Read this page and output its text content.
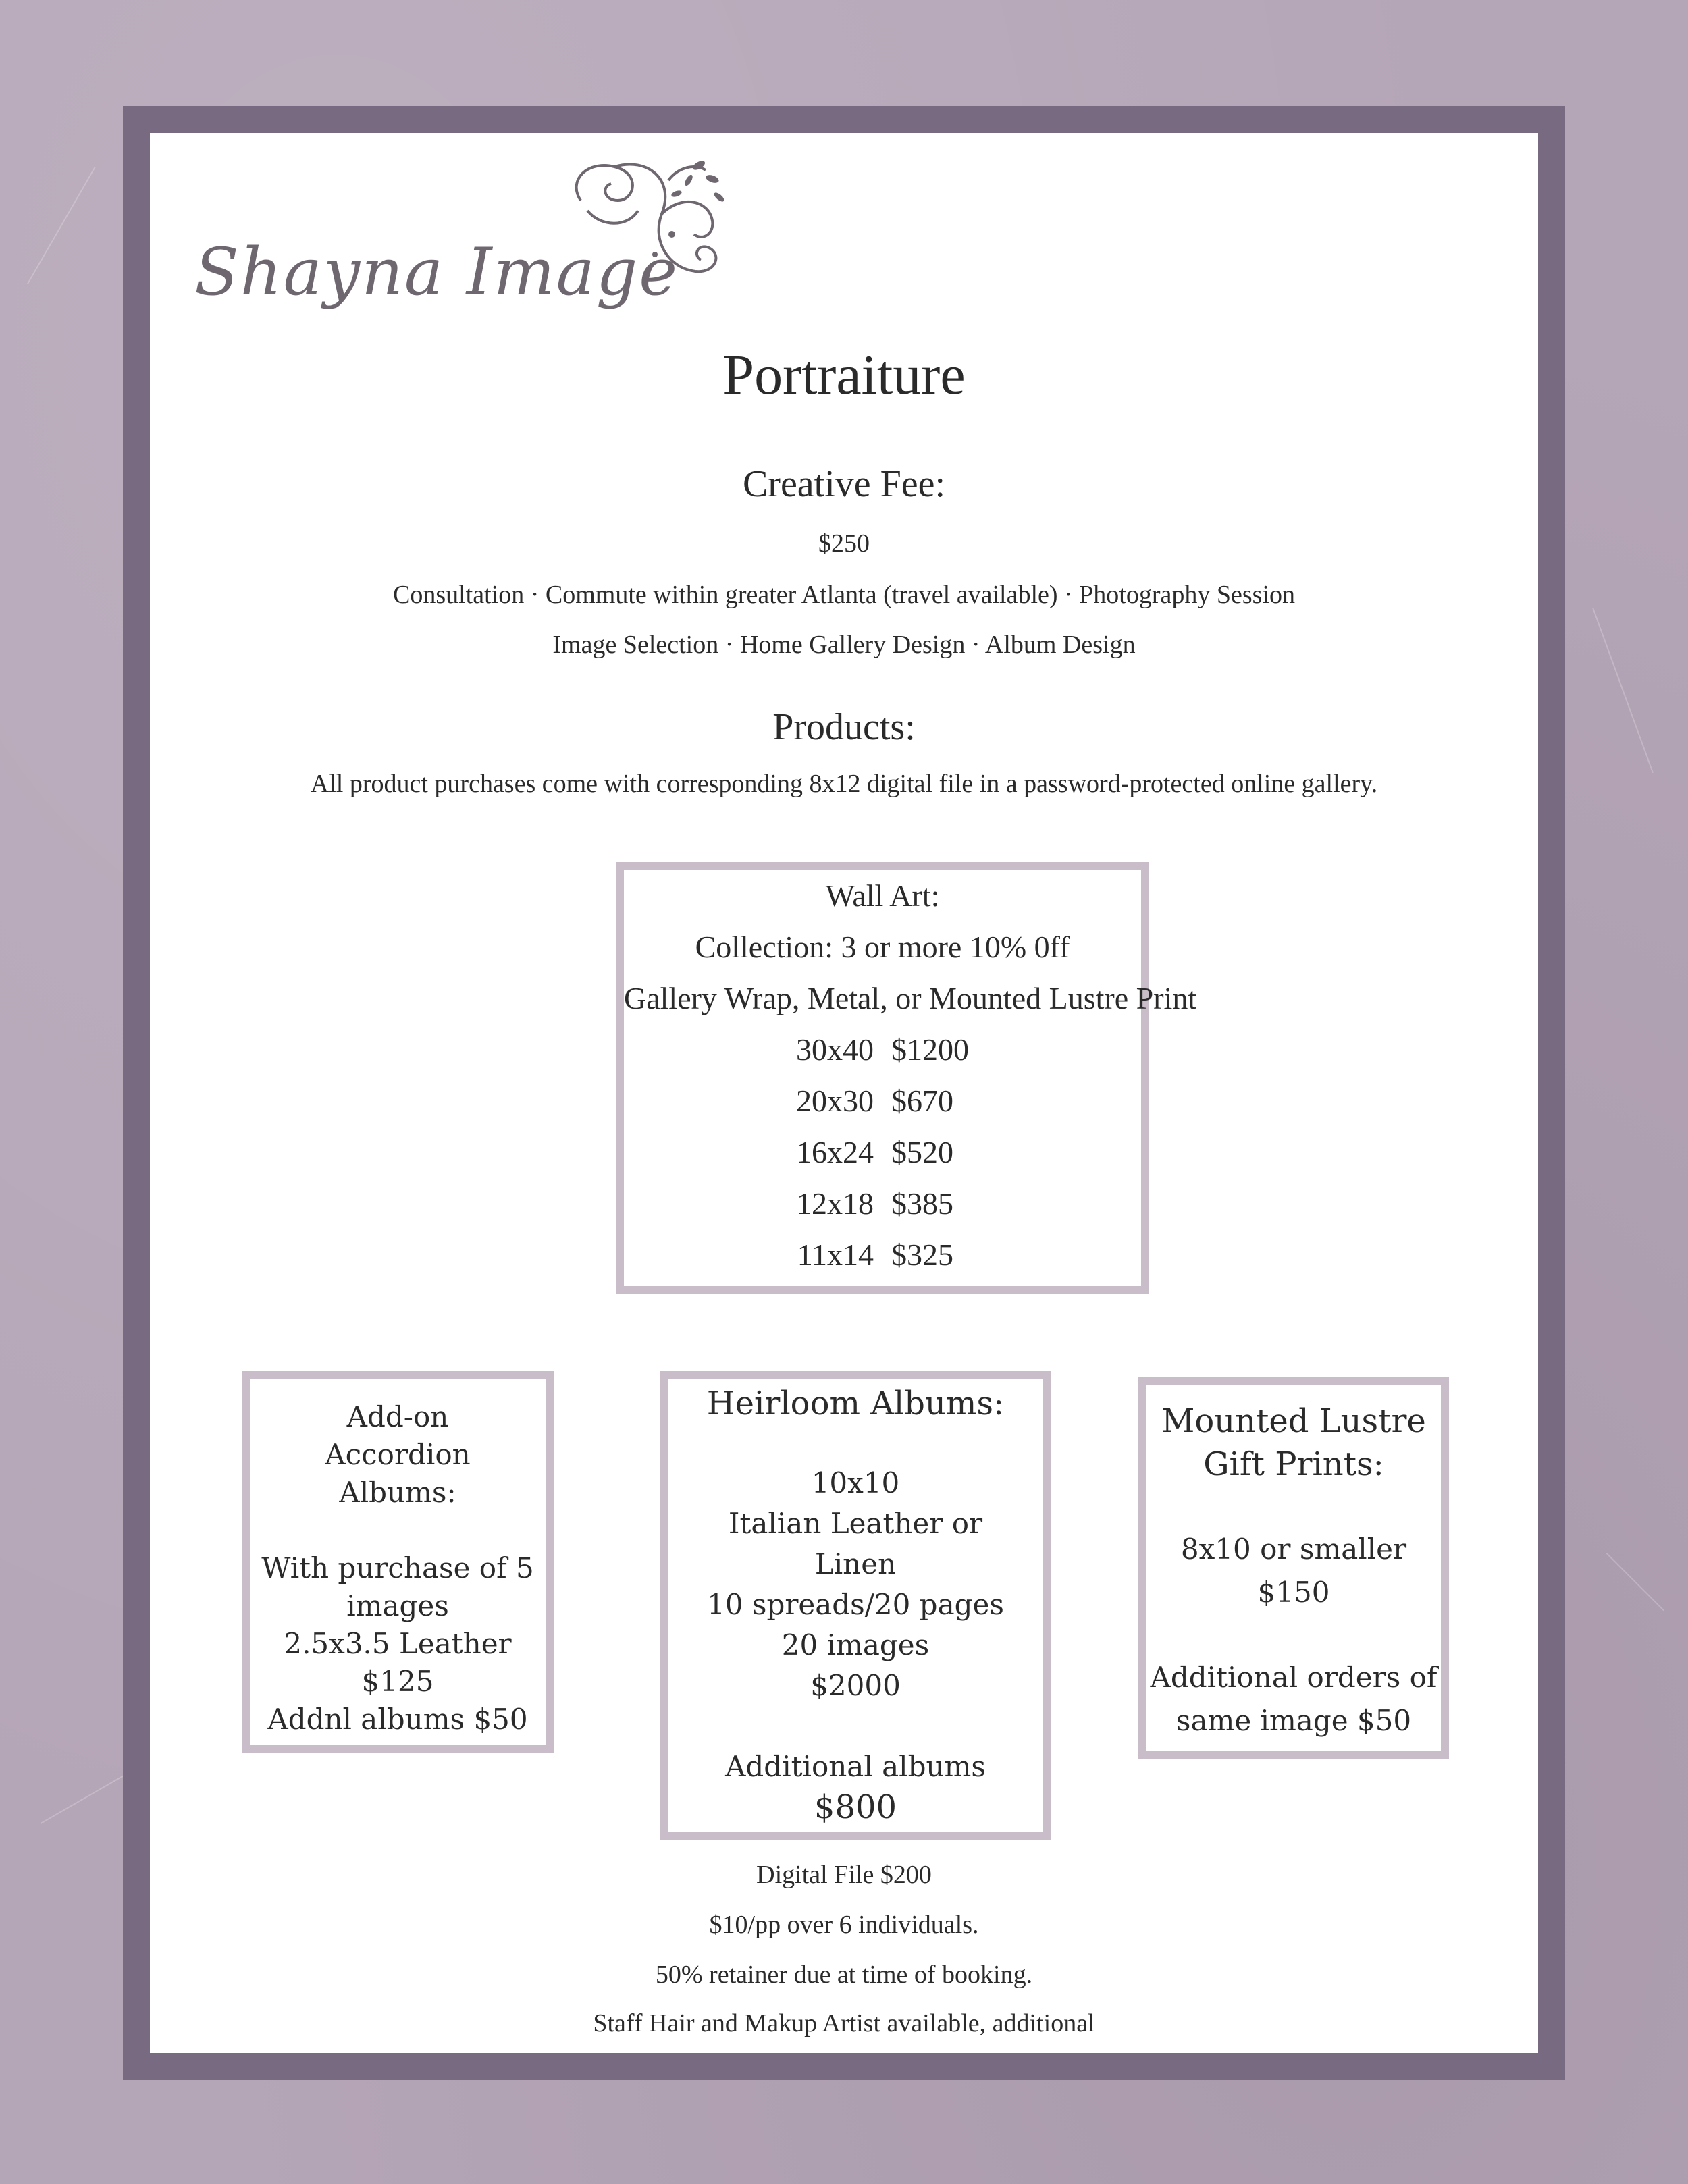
Shayna Image
Portraiture
Creative Fee:
$250
Consultation · Commute within greater Atlanta (travel available) · Photography Session
Image Selection · Home Gallery Design · Album Design
Products:
All product purchases come with corresponding 8x12 digital file in a password-protected online gallery.
Wall Art:
Collection: 3 or more 10% 0ff
Gallery Wrap, Metal, or Mounted Lustre Print
30x40 $1200
20x30 $670
16x24 $520
12x18 $385
11x14 $325
Add-on
Accordion
Albums:
With purchase of 5
images
2.5x3.5 Leather
$125
Addnl albums $50
Heirloom Albums:
10x10
Italian Leather or
Linen
10 spreads/20 pages
20 images
$2000
Additional albums
$800
Mounted Lustre
Gift Prints:
8x10 or smaller
$150
Additional orders of
same image $50
Digital File $200
$10/pp over 6 individuals.
50% retainer due at time of booking.
Staff Hair and Makup Artist available, additional
